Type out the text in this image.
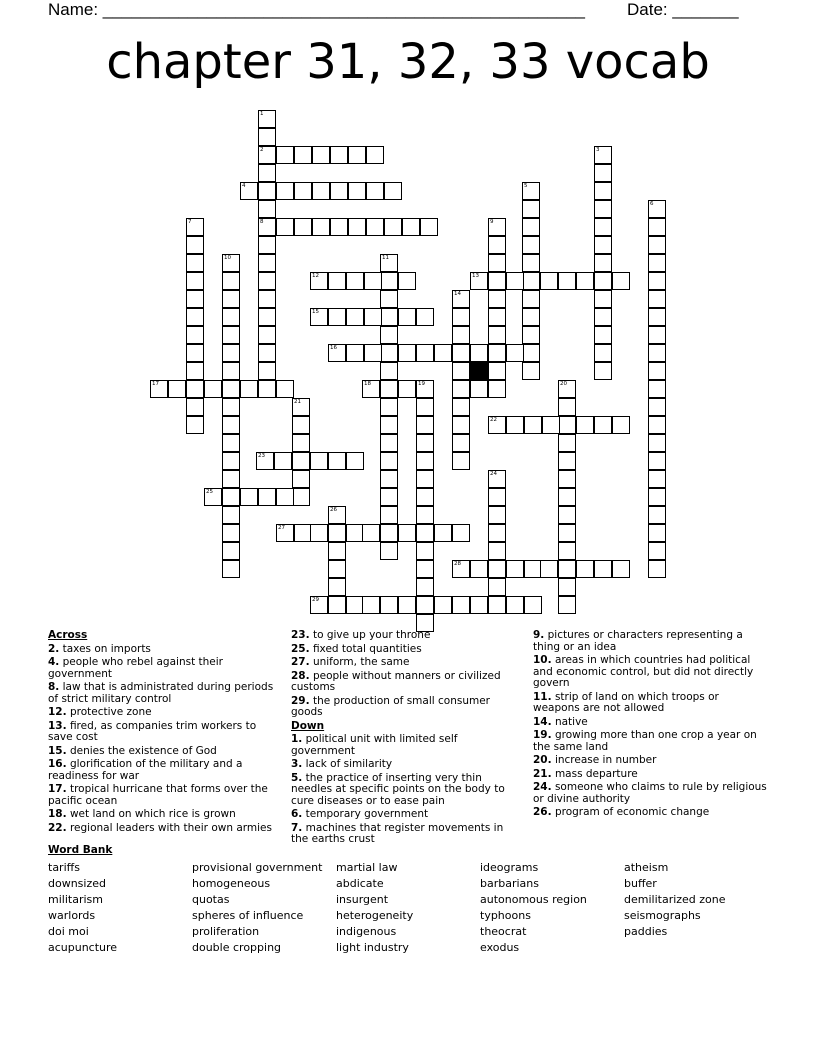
Name: ___________________________________________________ Date: _______
chapter 31, 32, 33 vocab
1
2
4
8
3
5
6
7	9
10	11
12	13
14
15
16
17	18	19	20
21
22
23
24
25
26
27
28
29
Across
2. taxes on imports
4. people who rebel against their government
8. law that is administrated during periods of strict military control
12. protective zone
13. fired, as companies trim workers to save cost
15. denies the existence of God
16. glorification of the military and a readiness for war
17. tropical hurricane that forms over the pacific ocean
18. wet land on which rice is grown
22. regional leaders with their own armies
23. to give up your throne
25. fixed total quantities
27. uniform, the same
28. people without manners or civilized customs
29. the production of small consumer goods
Down
1. political unit with limited self government
3. lack of similarity
5. the practice of inserting very thin needles at specific points on the body to cure diseases or to ease pain
6. temporary government
7. machines that register movements in the earths crust
9. pictures or characters representing a thing or an idea
10. areas in which countries had political and economic control, but did not directly govern
11. strip of land on which troops or weapons are not allowed
14. native
19. growing more than one crop a year on the same land
20. increase in number
21. mass departure
24. someone who claims to rule by religious or divine authority
26. program of economic change
Word Bank
tariffs
downsized
militarism
warlords
doi moi
acupuncture
provisional government
homogeneous
quotas
spheres of influence
proliferation
double cropping
martial law
abdicate
insurgent
heterogeneity
indigenous
light industry
ideograms
barbarians
autonomous region
typhoons
theocrat
exodus
atheism
buffer
demilitarized zone
seismographs
paddies
